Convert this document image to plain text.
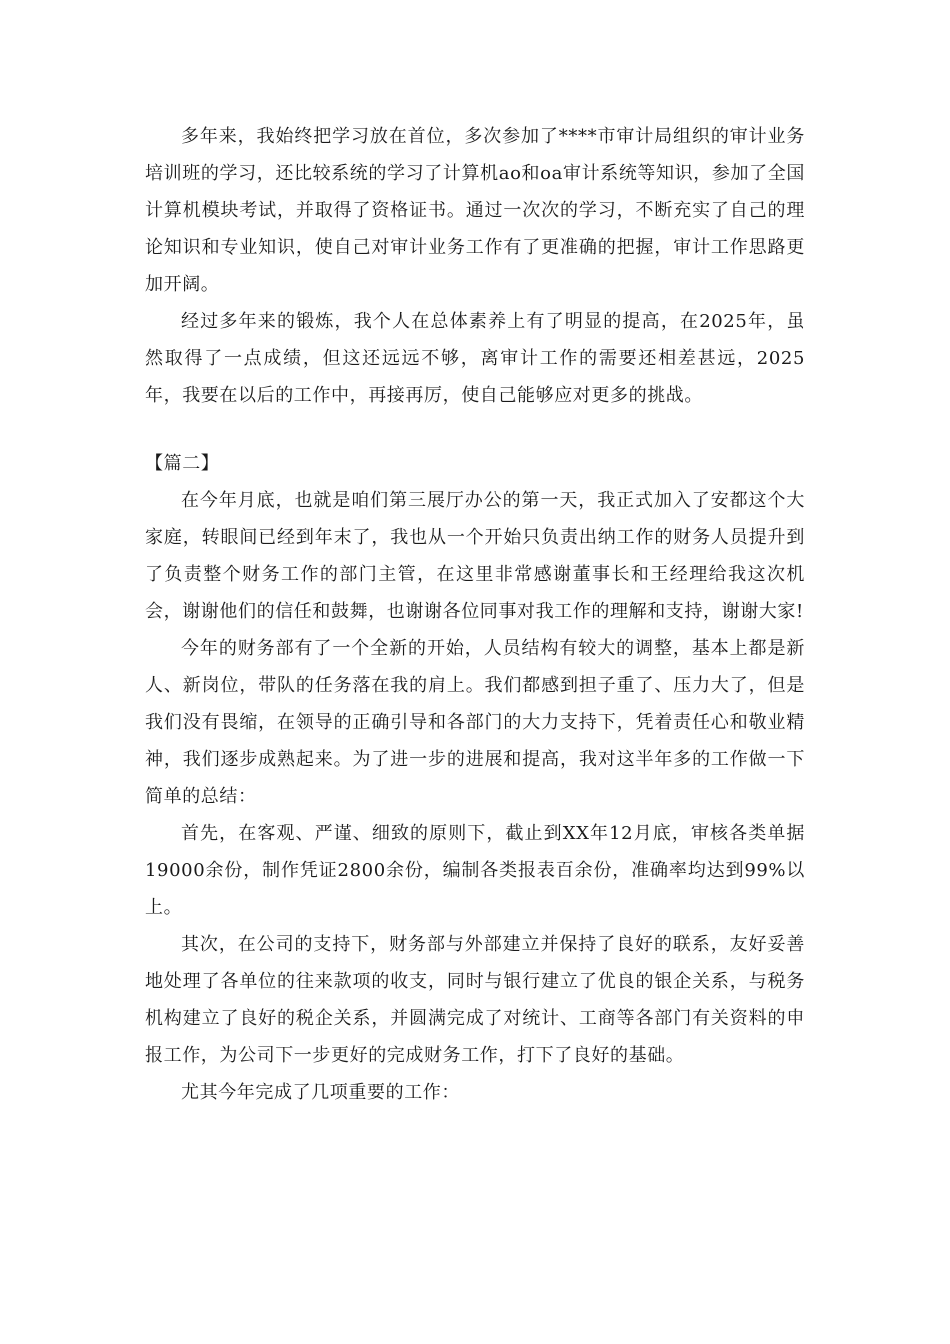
多年来，我始终把学习放在首位，多次参加了****市审计局组织的审计业务培训班的学习，还比较系统的学习了计算机ao和oa审计系统等知识，参加了全国计算机模块考试，并取得了资格证书。通过一次次的学习，不断充实了自己的理论知识和专业知识，使自己对审计业务工作有了更准确的把握，审计工作思路更加开阔。

经过多年来的锻炼，我个人在总体素养上有了明显的提高，在2025年，虽然取得了一点成绩，但这还远远不够，离审计工作的需要还相差甚远，2025年，我要在以后的工作中，再接再厉，使自己能够应对更多的挑战。

【篇二】

在今年月底，也就是咱们第三展厅办公的第一天，我正式加入了安都这个大家庭，转眼间已经到年末了，我也从一个开始只负责出纳工作的财务人员提升到了负责整个财务工作的部门主管，在这里非常感谢董事长和王经理给我这次机会，谢谢他们的信任和鼓舞，也谢谢各位同事对我工作的理解和支持，谢谢大家!

今年的财务部有了一个全新的开始，人员结构有较大的调整，基本上都是新人、新岗位，带队的任务落在我的肩上。我们都感到担子重了、压力大了，但是我们没有畏缩，在领导的正确引导和各部门的大力支持下，凭着责任心和敬业精神，我们逐步成熟起来。为了进一步的进展和提高，我对这半年多的工作做一下简单的总结：

首先，在客观、严谨、细致的原则下，截止到XX年12月底，审核各类单据19000余份，制作凭证2800余份，编制各类报表百余份，准确率均达到99%以上。

其次，在公司的支持下，财务部与外部建立并保持了良好的联系，友好妥善地处理了各单位的往来款项的收支，同时与银行建立了优良的银企关系，与税务机构建立了良好的税企关系，并圆满完成了对统计、工商等各部门有关资料的申报工作，为公司下一步更好的完成财务工作，打下了良好的基础。

尤其今年完成了几项重要的工作：
